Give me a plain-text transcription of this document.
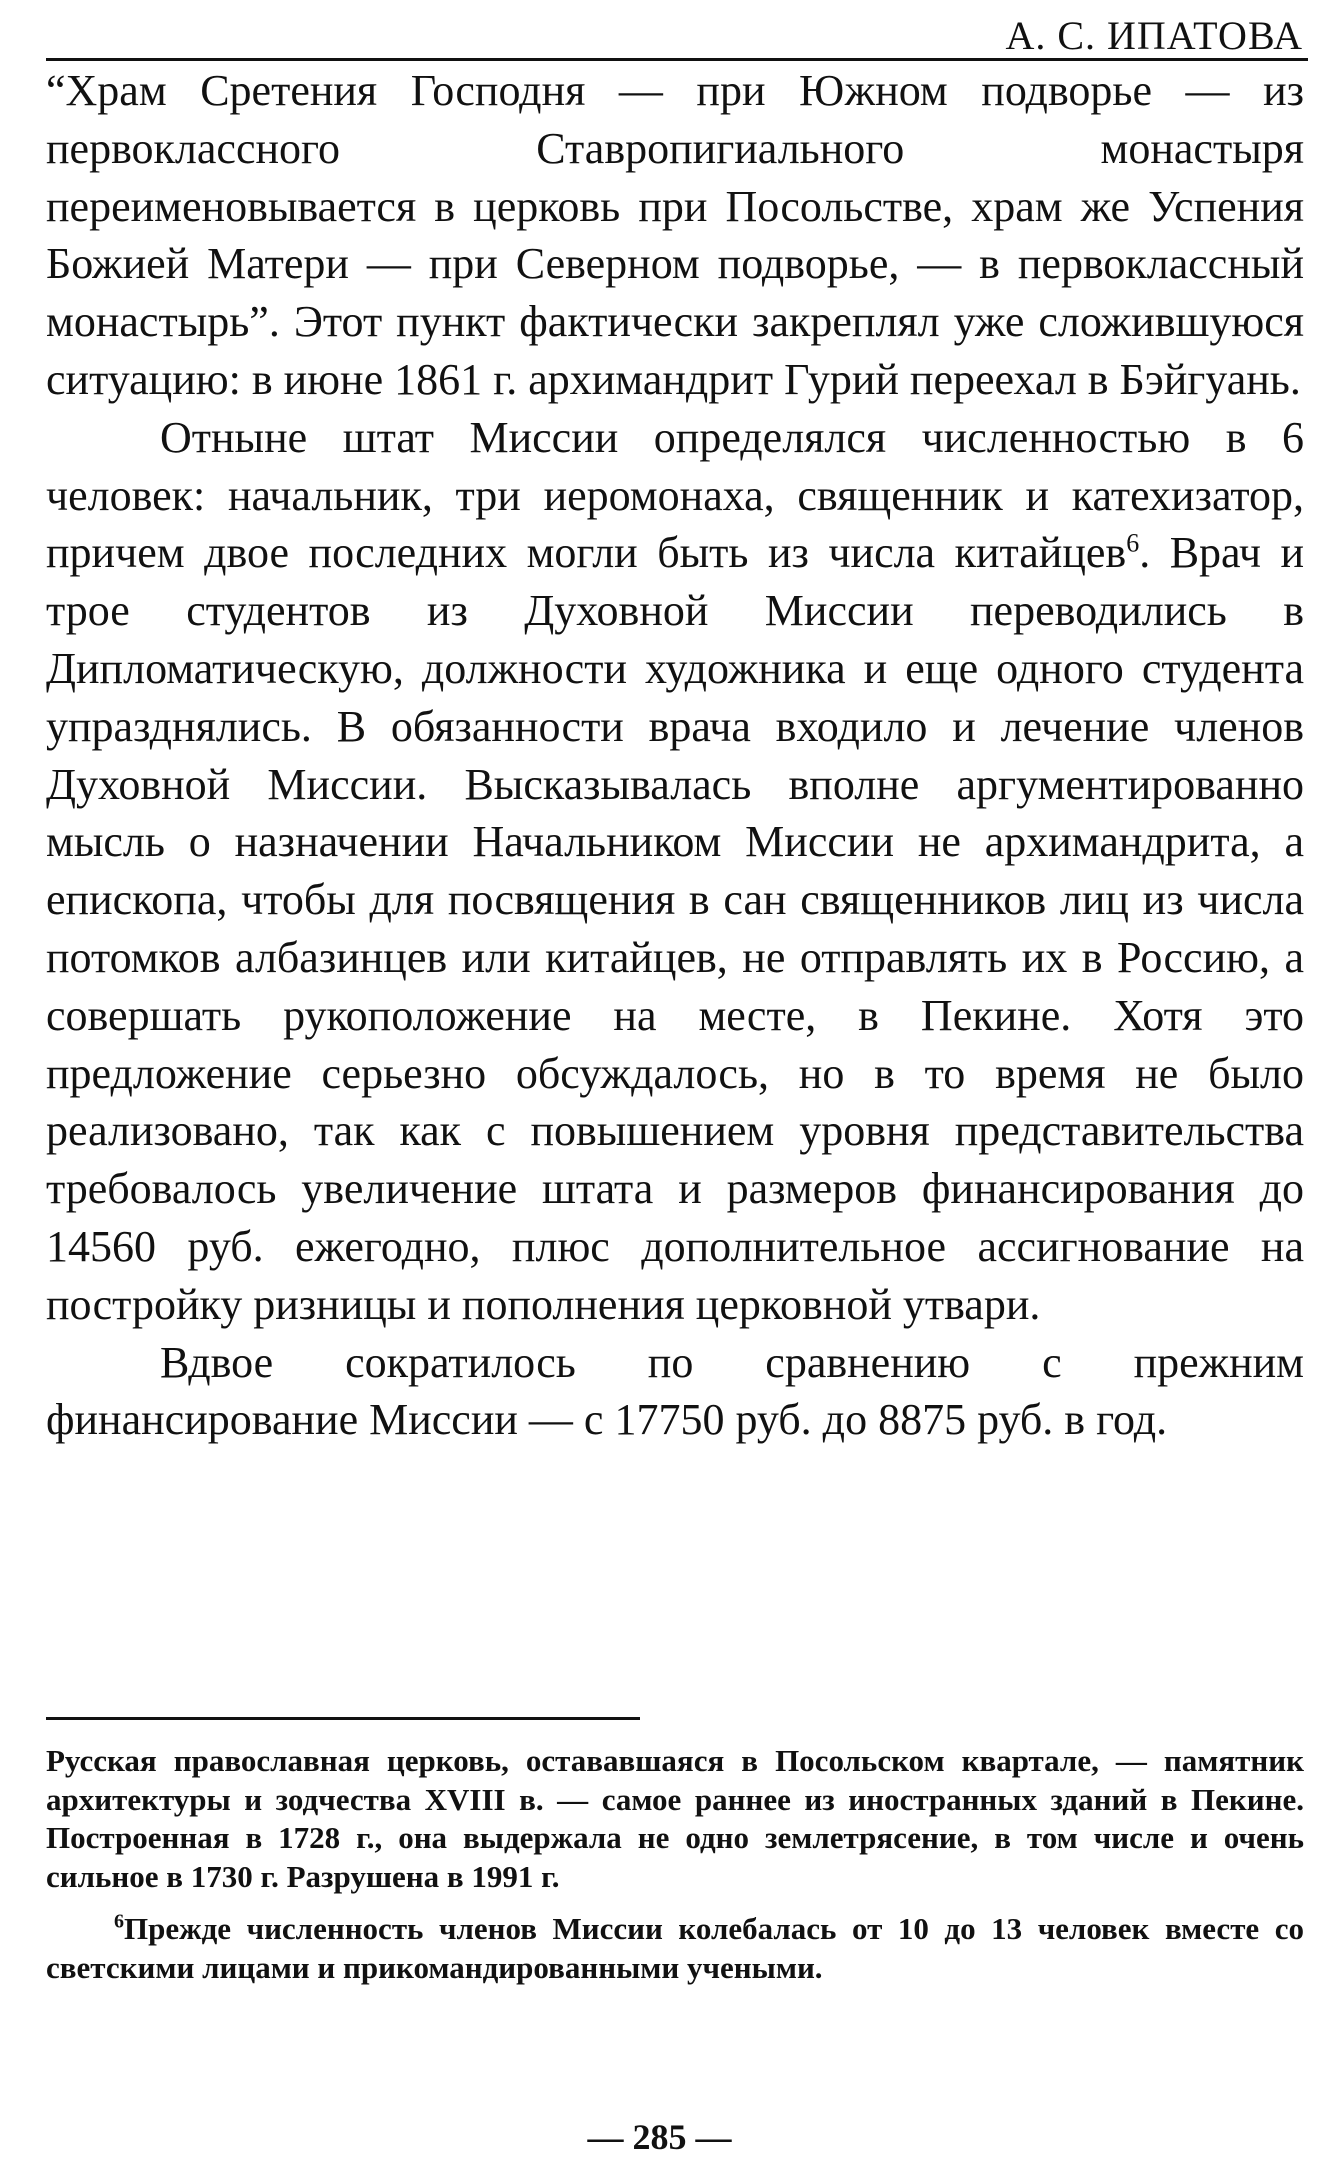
А. С. ИПАТОВА

“Храм Сретения Господня — при Южном подворье — из первоклассного Ставропигиального монастыря переименовывается в церковь при Посольстве, храм же Успения Божией Матери — при Северном подворье, — в первоклассный монастырь”. Этот пункт фактически закреплял уже сложившуюся ситуацию: в июне 1861 г. архимандрит Гурий переехал в Бэйгуань.

Отныне штат Миссии определялся численностью в 6 человек: начальник, три иеромонаха, священник и катехизатор, причем двое последних могли быть из числа китайцев$^6$. Врач и трое студентов из Духовной Миссии переводились в Дипломатическую, должности художника и еще одного студента упразднялись. В обязанности врача входило и лечение членов Духовной Миссии. Высказывалась вполне аргументированно мысль о назначении Начальником Миссии не архимандрита, а епископа, чтобы для посвящения в сан священников лиц из числа потомков албазинцев или китайцев, не отправлять их в Россию, а совершать рукоположение на месте, в Пекине. Хотя это предложение серьезно обсуждалось, но в то время не было реализовано, так как с повышением уровня представительства требовалось увеличение штата и размеров финансирования до 14560 руб. ежегодно, плюс дополнительное ассигнование на постройку ризницы и пополнения церковной утвари.

Вдвое сократилось по сравнению с прежним финансирование Миссии — с 17750 руб. до 8875 руб. в год.

Русская православная церковь, остававшаяся в Посольском квартале, — памятник архитектуры и зодчества XVIII в. — самое раннее из иностранных зданий в Пекине. Построенная в 1728 г., она выдержала не одно землетрясение, в том числе и очень сильное в 1730 г. Разрушена в 1991 г.

$^6$Прежде численность членов Миссии колебалась от 10 до 13 человек вместе со светскими лицами и прикомандированными учеными.

— 285 —
